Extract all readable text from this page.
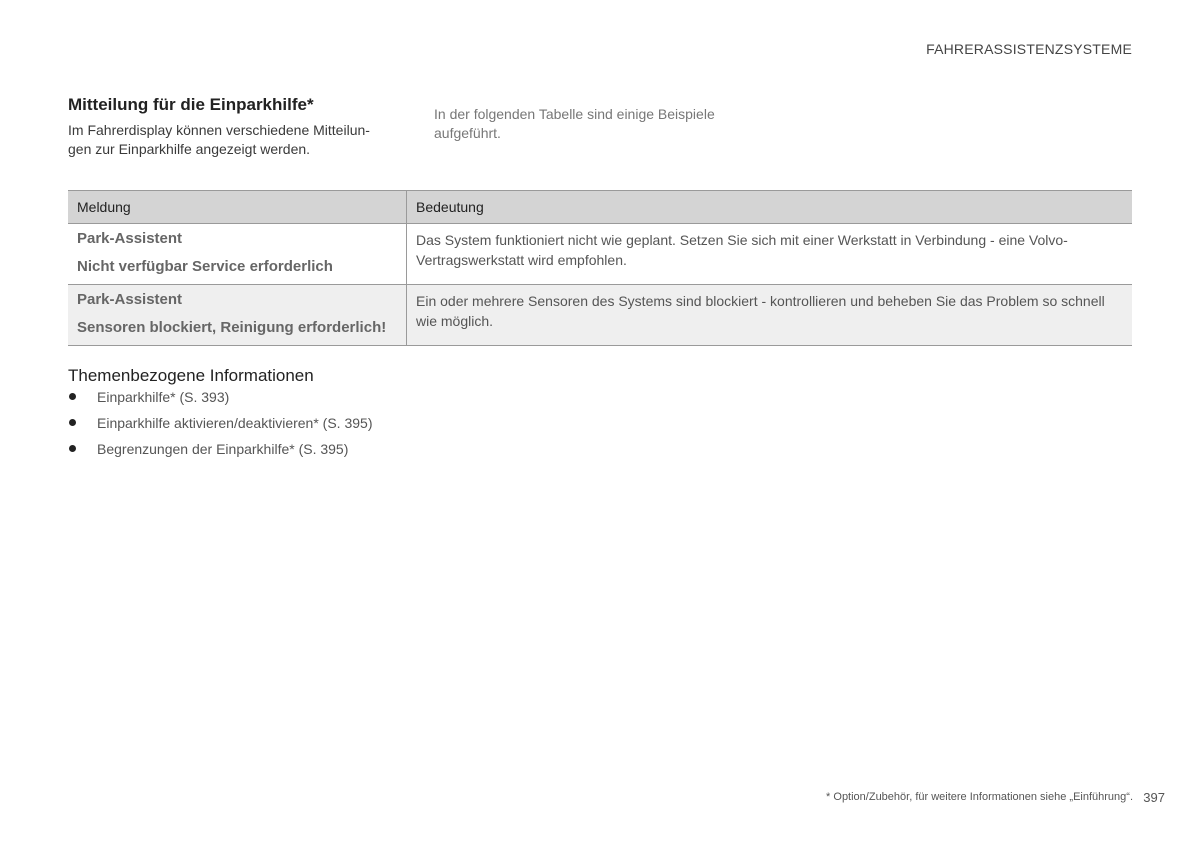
FAHRERASSISTENZSYSTEME
Mitteilung für die Einparkhilfe*
Im Fahrerdisplay können verschiedene Mitteilun-
gen zur Einparkhilfe angezeigt werden.
In der folgenden Tabelle sind einige Beispiele
aufgeführt.
Meldung	Bedeutung

Park-Assistent
Nicht verfügbar Service erforderlich	Das System funktioniert nicht wie geplant. Setzen Sie sich mit einer Werkstatt in Verbindung - eine Volvo-Vertragswerkstatt wird empfohlen.

Park-Assistent
Sensoren blockiert, Reinigung erforderlich!	Ein oder mehrere Sensoren des Systems sind blockiert - kontrollieren und beheben Sie das Problem so schnell wie möglich.
Themenbezogene Informationen
Einparkhilfe* (S. 393)
Einparkhilfe aktivieren/deaktivieren* (S. 395)
Begrenzungen der Einparkhilfe* (S. 395)
* Option/Zubehör, für weitere Informationen siehe „Einführung“. 397
